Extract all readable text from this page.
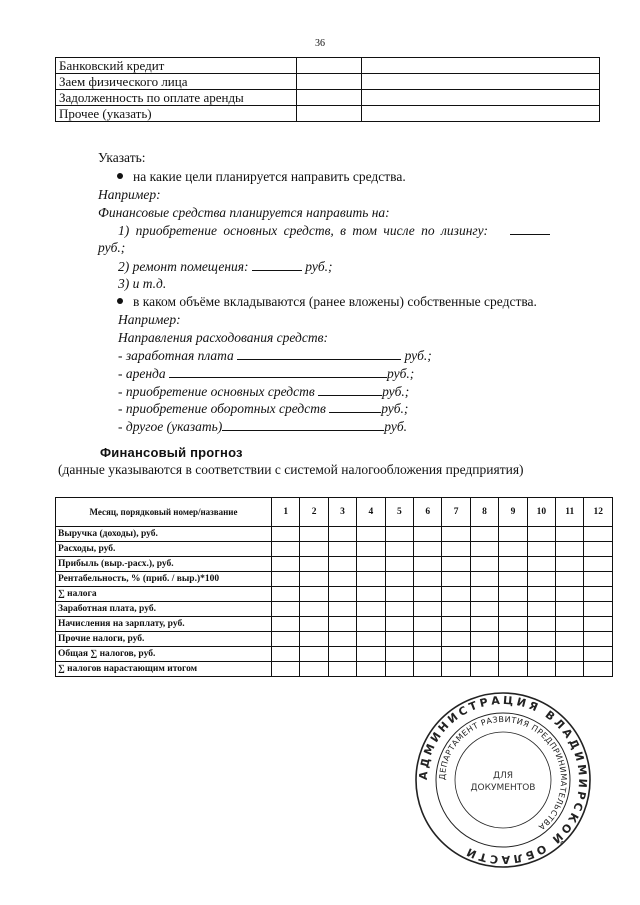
36
Банковский кредит		
Заем физического лица		
Задолженность по оплате аренды		
Прочее (указать)		
Указать:
на какие цели планируется направить средства.
Например:
Финансовые средства планируется направить на:
1) приобретение основных средств, в том числе по лизингу:
руб.;
2) ремонт помещения:	руб.;
3) и т.д.
в каком объёме вкладываются (ранее вложены) собственные средства.
Например:
Направления расходования средств:
- заработная плата	руб.;
- аренда	руб.;
- приобретение основных средств	руб.;
- приобретение оборотных средств	руб.;
- другое (указать)	руб.
Финансовый прогноз
(данные указываются в соответствии с системой налогообложения предприятия)
Месяц, порядковый номер/название	1	2	3	4	5	6	7	8	9	10	11	12
Выручка (доходы), руб.												
Расходы, руб.												
Прибыль (выр.-расх.), руб.												
Рентабельность, % (приб. / выр.)*100												
∑ налога												
Заработная плата, руб.												
Начисления на зарплату, руб.												
Прочие налоги, руб.												
Общая ∑ налогов, руб.												
∑ налогов нарастающим итогом												
АДМИНИСТРАЦИЯ ВЛАДИМИРСКОЙ ОБЛАСТИ
ДЕПАРТАМЕНТ РАЗВИТИЯ ПРЕДПРИНИМАТЕЛЬСТВА
ДЛЯ
ДОКУМЕНТОВ
